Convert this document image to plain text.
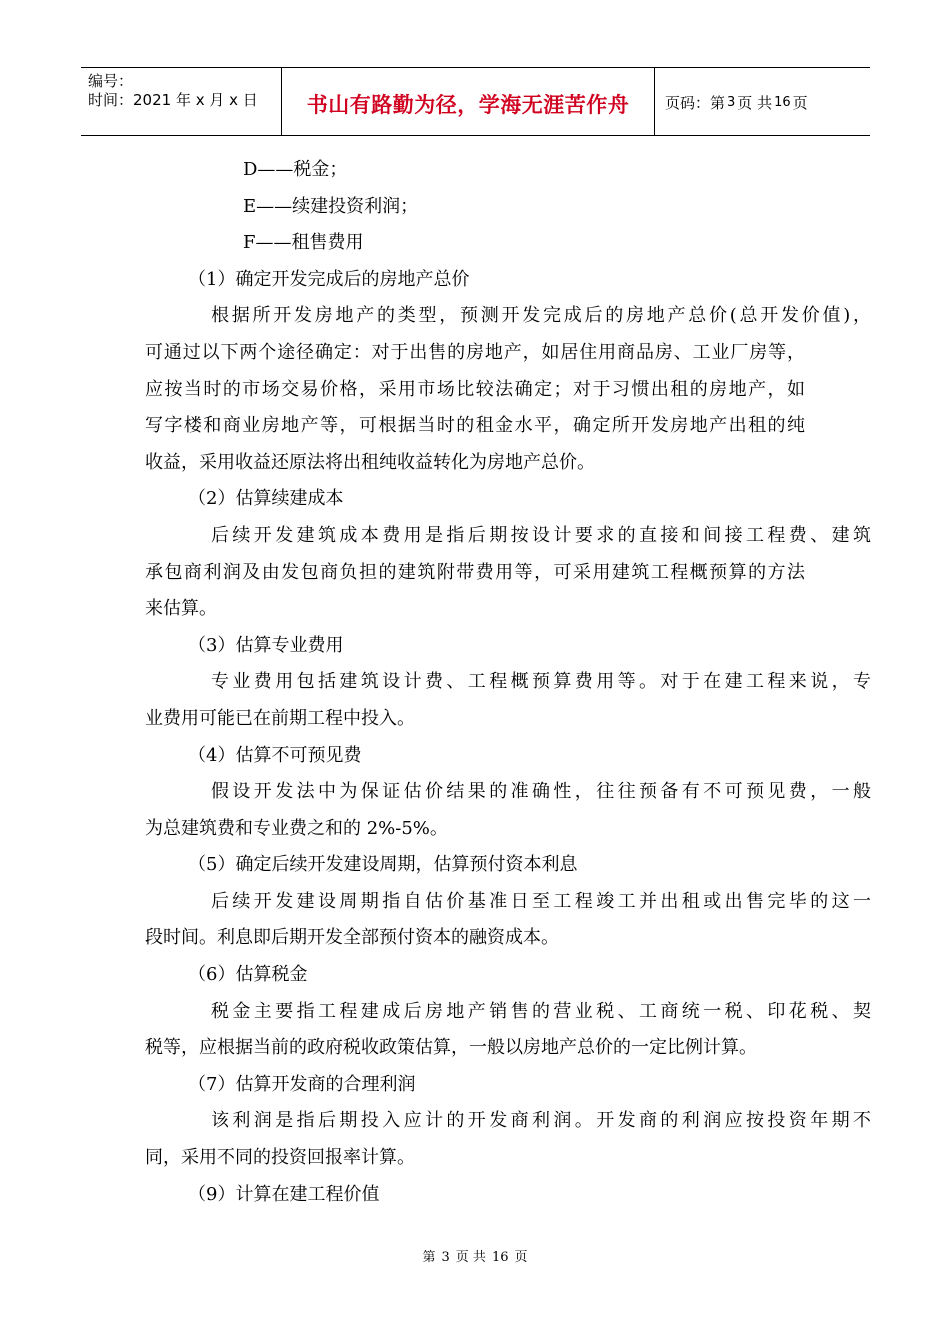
编号：
时间：2021 年 x 月 x 日	书山有路勤为径，学海无涯苦作舟 页码：第 3 页 共 16 页
D——税金；
E——续建投资利润；
F——租售费用
（1）确定开发完成后的房地产总价
根据所开发房地产的类型，预测开发完成后的房地产总价(总开发价值)，
可通过以下两个途径确定：对于出售的房地产，如居住用商品房、工业厂房等，
应按当时的市场交易价格，采用市场比较法确定；对于习惯出租的房地产，如
写字楼和商业房地产等，可根据当时的租金水平，确定所开发房地产出租的纯
收益，采用收益还原法将出租纯收益转化为房地产总价。
（2）估算续建成本
后续开发建筑成本费用是指后期按设计要求的直接和间接工程费、建筑
承包商利润及由发包商负担的建筑附带费用等，可采用建筑工程概预算的方法
来估算。
（3）估算专业费用
专业费用包括建筑设计费、工程概预算费用等。对于在建工程来说，专
业费用可能已在前期工程中投入。
（4）估算不可预见费
假设开发法中为保证估价结果的准确性，往往预备有不可预见费，一般
为总建筑费和专业费之和的 2%-5%。
（5）确定后续开发建设周期，估算预付资本利息
后续开发建设周期指自估价基准日至工程竣工并出租或出售完毕的这一
段时间。利息即后期开发全部预付资本的融资成本。
（6）估算税金
税金主要指工程建成后房地产销售的营业税、工商统一税、印花税、契
税等，应根据当前的政府税收政策估算，一般以房地产总价的一定比例计算。
（7）估算开发商的合理利润
该利润是指后期投入应计的开发商利润。开发商的利润应按投资年期不
同，采用不同的投资回报率计算。
（9）计算在建工程价值
第 3 页 共 16 页
